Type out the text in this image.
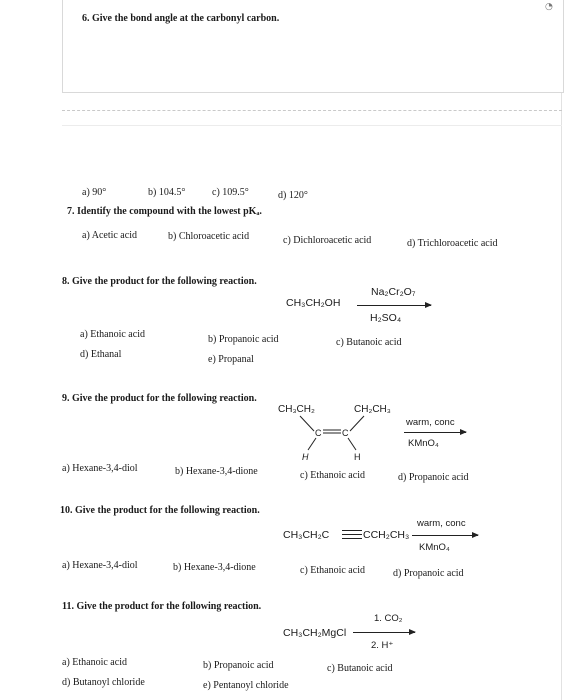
◔
6. Give the bond angle at the carbonyl carbon.
a) 90°	b) 104.5°	c) 109.5°	d) 120°
7. Identify the compound with the lowest pKₐ.
a) Acetic acid	b) Chloroacetic acid	c) Dichloroacetic acid	d) Trichloroacetic acid
8. Give the product for the following reaction.
CH₃CH₂OH
Na₂Cr₂O₇
H₂SO₄
a) Ethanoic acid	b) Propanoic acid	c) Butanoic acid
d) Ethanal	e) Propanal
9. Give the product for the following reaction.
CH₃CH₂	CH₂CH₃
C C
H	H
warm, conc
KMnO₄
a) Hexane-3,4-diol	b) Hexane-3,4-dione	c) Ethanoic acid	d) Propanoic acid
10. Give the product for the following reaction.
CH₃CH₂C	CCH₂CH₃
warm, conc
KMnO₄
a) Hexane-3,4-diol	b) Hexane-3,4-dione	c) Ethanoic acid	d) Propanoic acid
11. Give the product for the following reaction.
CH₃CH₂MgCl
1. CO₂
2. H⁺
a) Ethanoic acid	b) Propanoic acid	c) Butanoic acid
d) Butanoyl chloride	e) Pentanoyl chloride
